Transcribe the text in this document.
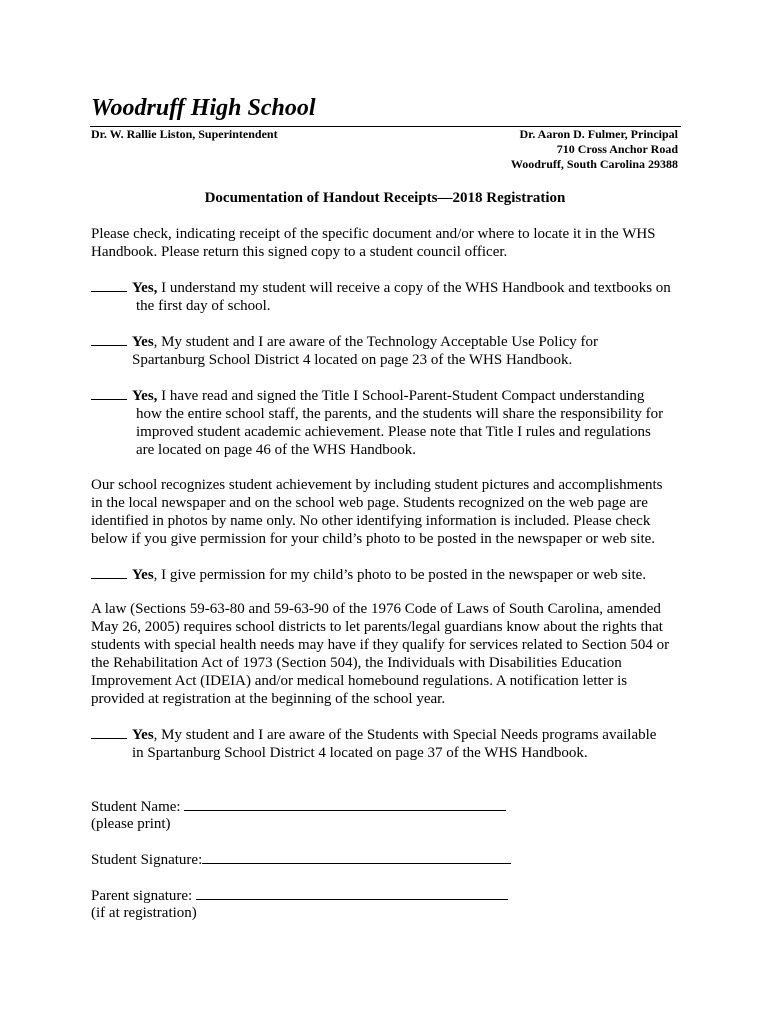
Woodruff High School
Dr. W. Rallie Liston, Superintendent	Dr. Aaron D. Fulmer, Principal
710 Cross Anchor Road
Woodruff, South Carolina 29388
Documentation of Handout Receipts—2018 Registration
Please check, indicating receipt of the specific document and/or where to locate it in the WHS
Handbook. Please return this signed copy to a student council officer.
Yes, I understand my student will receive a copy of the WHS Handbook and textbooks on
the first day of school.
Yes, My student and I are aware of the Technology Acceptable Use Policy for
Spartanburg School District 4 located on page 23 of the WHS Handbook.
Yes, I have read and signed the Title I School-Parent-Student Compact understanding
how the entire school staff, the parents, and the students will share the responsibility for
improved student academic achievement. Please note that Title I rules and regulations
are located on page 46 of the WHS Handbook.
Our school recognizes student achievement by including student pictures and accomplishments
in the local newspaper and on the school web page. Students recognized on the web page are
identified in photos by name only. No other identifying information is included. Please check
below if you give permission for your child’s photo to be posted in the newspaper or web site.
Yes, I give permission for my child’s photo to be posted in the newspaper or web site.
A law (Sections 59-63-80 and 59-63-90 of the 1976 Code of Laws of South Carolina, amended
May 26, 2005) requires school districts to let parents/legal guardians know about the rights that
students with special health needs may have if they qualify for services related to Section 504 or
the Rehabilitation Act of 1973 (Section 504), the Individuals with Disabilities Education
Improvement Act (IDEIA) and/or medical homebound regulations. A notification letter is
provided at registration at the beginning of the school year.
Yes, My student and I are aware of the Students with Special Needs programs available
in Spartanburg School District 4 located on page 37 of the WHS Handbook.
Student Name:
(please print)
Student Signature:
Parent signature:
(if at registration)
